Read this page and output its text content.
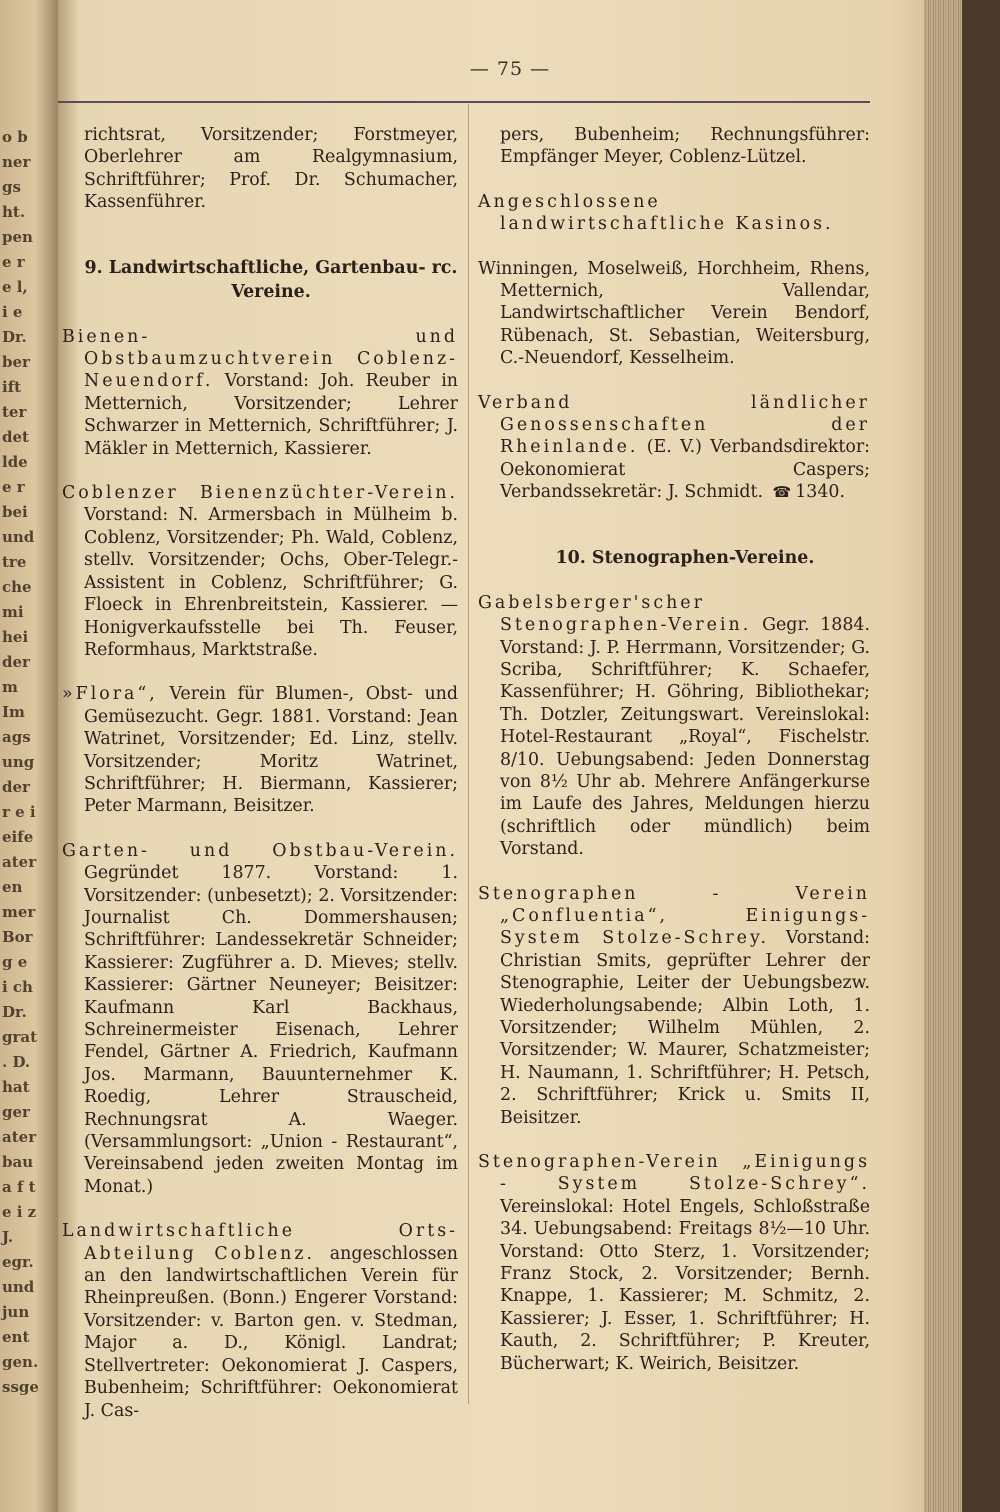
o b
ner
gs
ht.
pen
e r
e l,
i e
Dr.
ber
ift
ter
det
lde
e r
bei
und
tre
che
mi
hei
der
m
Im
ags
ung
der
r e i
eife
ater
en
mer
Bor
g e
i ch
Dr.
grat
. D.
hat
ger
ater
bau
a f t
e i z
J.
egr.
und
jun
ent
gen.
ssge
— 75 —

richtsrat, Vorsitzender; Forstmeyer, Oberlehrer am Realgymnasium, Schriftführer; Prof. Dr. Schumacher, Kassenführer.

9. Landwirtschaftliche, Gartenbau- rc.

Vereine.

Bienen- und Obstbaumzuchtverein Coblenz-Neuendorf. Vorstand: Joh. Reuber in Metternich, Vorsitzender; Lehrer Schwarzer in Metternich, Schriftführer; J. Mäkler in Metternich, Kassierer.

Coblenzer Bienenzüchter-Verein. Vorstand: N. Armersbach in Mülheim b. Coblenz, Vorsitzender; Ph. Wald, Coblenz, stellv. Vorsitzender; Ochs, Ober-Telegr.-Assistent in Coblenz, Schriftführer; G. Floeck in Ehrenbreitstein, Kassierer. — Honigverkaufsstelle bei Th. Feuser, Reformhaus, Marktstraße.

»Flora“, Verein für Blumen-, Obst- und Gemüsezucht. Gegr. 1881. Vorstand: Jean Watrinet, Vorsitzender; Ed. Linz, stellv. Vorsitzender; Moritz Watrinet, Schriftführer; H. Biermann, Kassierer; Peter Marmann, Beisitzer.

Garten- und Obstbau-Verein. Gegründet 1877. Vorstand: 1. Vorsitzender: (unbesetzt); 2. Vorsitzender: Journalist Ch. Dommershausen; Schriftführer: Landessekretär Schneider; Kassierer: Zugführer a. D. Mieves; stellv. Kassierer: Gärtner Neuneyer; Beisitzer: Kaufmann Karl Backhaus, Schreinermeister Eisenach, Lehrer Fendel, Gärtner A. Friedrich, Kaufmann Jos. Marmann, Bauunternehmer K. Roedig, Lehrer Strauscheid, Rechnungsrat A. Waeger. (Versammlungsort: „Union - Restaurant“, Vereinsabend jeden zweiten Montag im Monat.)

Landwirtschaftliche Orts-Abteilung Coblenz. angeschlossen an den landwirtschaftlichen Verein für Rheinpreußen. (Bonn.) Engerer Vorstand: Vorsitzender: v. Barton gen. v. Stedman, Major a. D., Königl. Landrat; Stellvertreter: Oekonomierat J. Caspers, Bubenheim; Schriftführer: Oekonomierat J. Cas-

pers, Bubenheim; Rechnungsführer: Empfänger Meyer, Coblenz-Lützel.

Angeschlossene landwirtschaftliche Kasinos.

Winningen, Moselweiß, Horchheim, Rhens, Metternich, Vallendar, Landwirtschaftlicher Verein Bendorf, Rübenach, St. Sebastian, Weitersburg, C.-Neuendorf, Kesselheim.

Verband ländlicher Genossenschaften der Rheinlande. (E. V.) Verbandsdirektor: Oekonomierat Caspers; Verbandssekretär: J. Schmidt. ☎ 1340.

10. Stenographen-Vereine.

Gabelsberger'scher Stenographen-Verein. Gegr. 1884. Vorstand: J. P. Herrmann, Vorsitzender; G. Scriba, Schriftführer; K. Schaefer, Kassenführer; H. Göhring, Bibliothekar; Th. Dotzler, Zeitungswart. Vereinslokal: Hotel-Restaurant „Royal“, Fischelstr. 8/10. Uebungsabend: Jeden Donnerstag von 8½ Uhr ab. Mehrere Anfängerkurse im Laufe des Jahres, Meldungen hierzu (schriftlich oder mündlich) beim Vorstand.

Stenographen - Verein „Confluentia“, Einigungs-System Stolze-Schrey. Vorstand: Christian Smits, geprüfter Lehrer der Stenographie, Leiter der Uebungsbezw. Wiederholungsabende; Albin Loth, 1. Vorsitzender; Wilhelm Mühlen, 2. Vorsitzender; W. Maurer, Schatzmeister; H. Naumann, 1. Schriftführer; H. Petsch, 2. Schriftführer; Krick u. Smits II, Beisitzer.

Stenographen-Verein „Einigungs - System Stolze-Schrey“. Vereinslokal: Hotel Engels, Schloßstraße 34. Uebungsabend: Freitags 8½—10 Uhr. Vorstand: Otto Sterz, 1. Vorsitzender; Franz Stock, 2. Vorsitzender; Bernh. Knappe, 1. Kassierer; M. Schmitz, 2. Kassierer; J. Esser, 1. Schriftführer; H. Kauth, 2. Schriftführer; P. Kreuter, Bücherwart; K. Weirich, Beisitzer.
